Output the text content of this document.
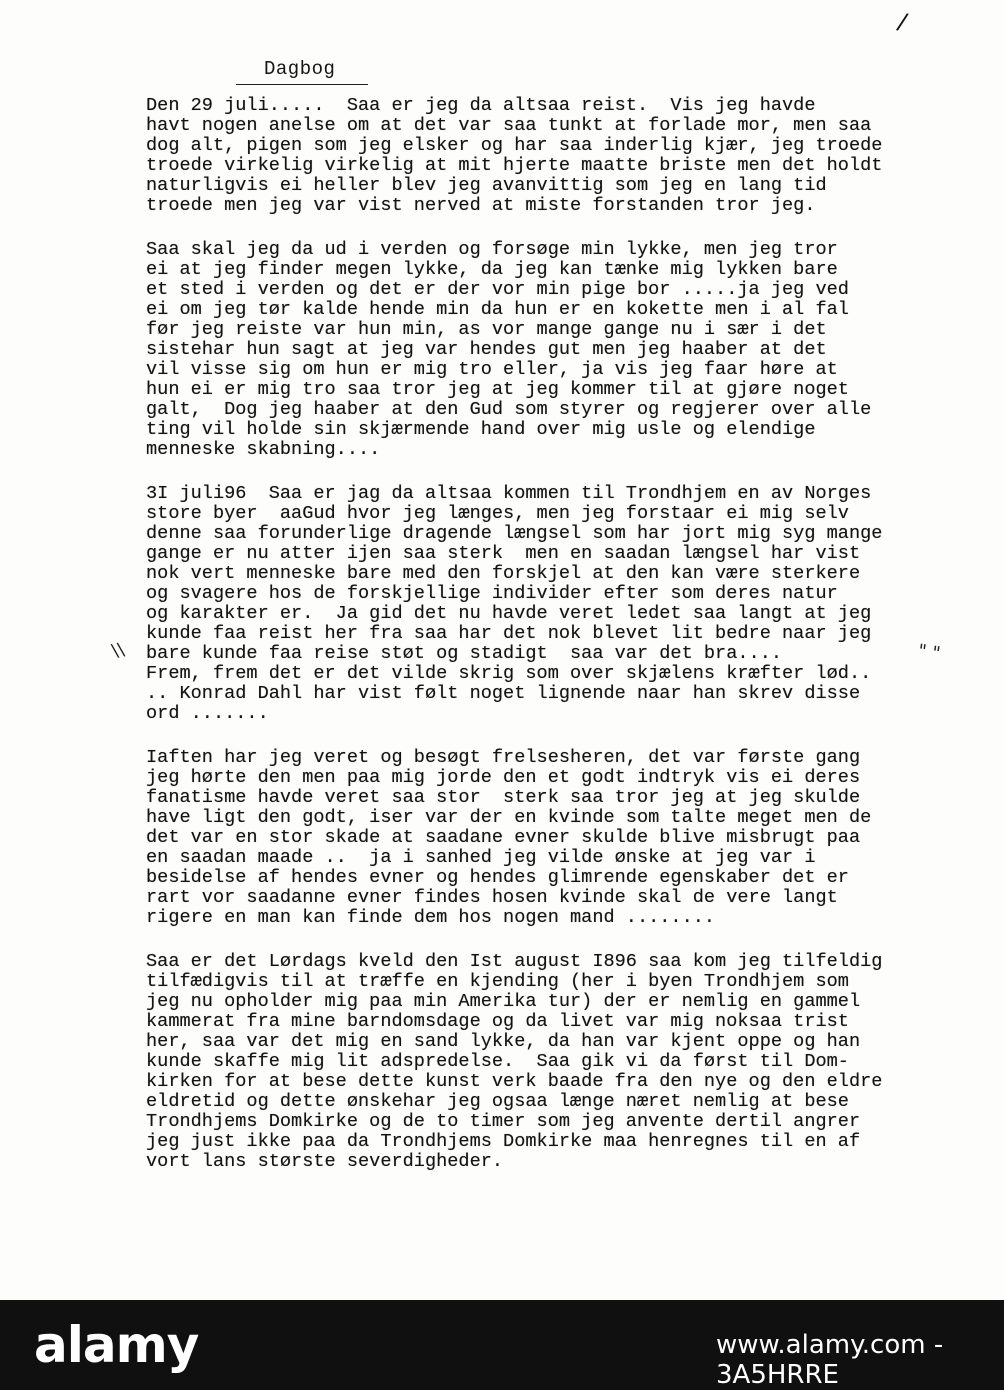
/
Dagbog
\\	" "
Den 29 juli.....  Saa er jeg da altsaa reist.  Vis jeg havde
havt nogen anelse om at det var saa tunkt at forlade mor, men saa
dog alt, pigen som jeg elsker og har saa inderlig kjær, jeg troede
troede virkelig virkelig at mit hjerte maatte briste men det holdt
naturligvis ei heller blev jeg avanvittig som jeg en lang tid
troede men jeg var vist nerved at miste forstanden tror jeg.
Saa skal jeg da ud i verden og forsøge min lykke, men jeg tror
ei at jeg finder megen lykke, da jeg kan tænke mig lykken bare
et sted i verden og det er der vor min pige bor .....ja jeg ved
ei om jeg tør kalde hende min da hun er en kokette men i al fal
før jeg reiste var hun min, as vor mange gange nu i sær i det
sistehar hun sagt at jeg var hendes gut men jeg haaber at det
vil visse sig om hun er mig tro eller, ja vis jeg faar høre at
hun ei er mig tro saa tror jeg at jeg kommer til at gjøre noget
galt,  Dog jeg haaber at den Gud som styrer og regjerer over alle
ting vil holde sin skjærmende hand over mig usle og elendige
menneske skabning....
3I juli96  Saa er jag da altsaa kommen til Trondhjem en av Norges
store byer  aaGud hvor jeg længes, men jeg forstaar ei mig selv
denne saa forunderlige dragende længsel som har jort mig syg mange
gange er nu atter ijen saa sterk  men en saadan længsel har vist
nok vert menneske bare med den forskjel at den kan være sterkere
og svagere hos de forskjellige individer efter som deres natur
og karakter er.  Ja gid det nu havde veret ledet saa langt at jeg
kunde faa reist her fra saa har det nok blevet lit bedre naar jeg
bare kunde faa reise støt og stadigt  saa var det bra....
Frem, frem det er det vilde skrig som over skjælens kræfter lød..
.. Konrad Dahl har vist følt noget lignende naar han skrev disse
ord .......
Iaften har jeg veret og besøgt frelsesheren, det var første gang
jeg hørte den men paa mig jorde den et godt indtryk vis ei deres
fanatisme havde veret saa stor  sterk saa tror jeg at jeg skulde
have ligt den godt, iser var der en kvinde som talte meget men de
det var en stor skade at saadane evner skulde blive misbrugt paa
en saadan maade ..  ja i sanhed jeg vilde ønske at jeg var i
besidelse af hendes evner og hendes glimrende egenskaber det er
rart vor saadanne evner findes hosen kvinde skal de vere langt
rigere en man kan finde dem hos nogen mand ........
Saa er det Lørdags kveld den Ist august I896 saa kom jeg tilfeldig
tilfædigvis til at træffe en kjending (her i byen Trondhjem som
jeg nu opholder mig paa min Amerika tur) der er nemlig en gammel
kammerat fra mine barndomsdage og da livet var mig noksaa trist
her, saa var det mig en sand lykke, da han var kjent oppe og han
kunde skaffe mig lit adspredelse.  Saa gik vi da først til Dom-
kirken for at bese dette kunst verk baade fra den nye og den eldre
eldretid og dette ønskehar jeg ogsaa længe næret nemlig at bese
Trondhjems Domkirke og de to timer som jeg anvente dertil angrer
jeg just ikke paa da Trondhjems Domkirke maa henregnes til en af
vort lans største severdigheder.
alamy	www.alamy.com - 3A5HRRE
